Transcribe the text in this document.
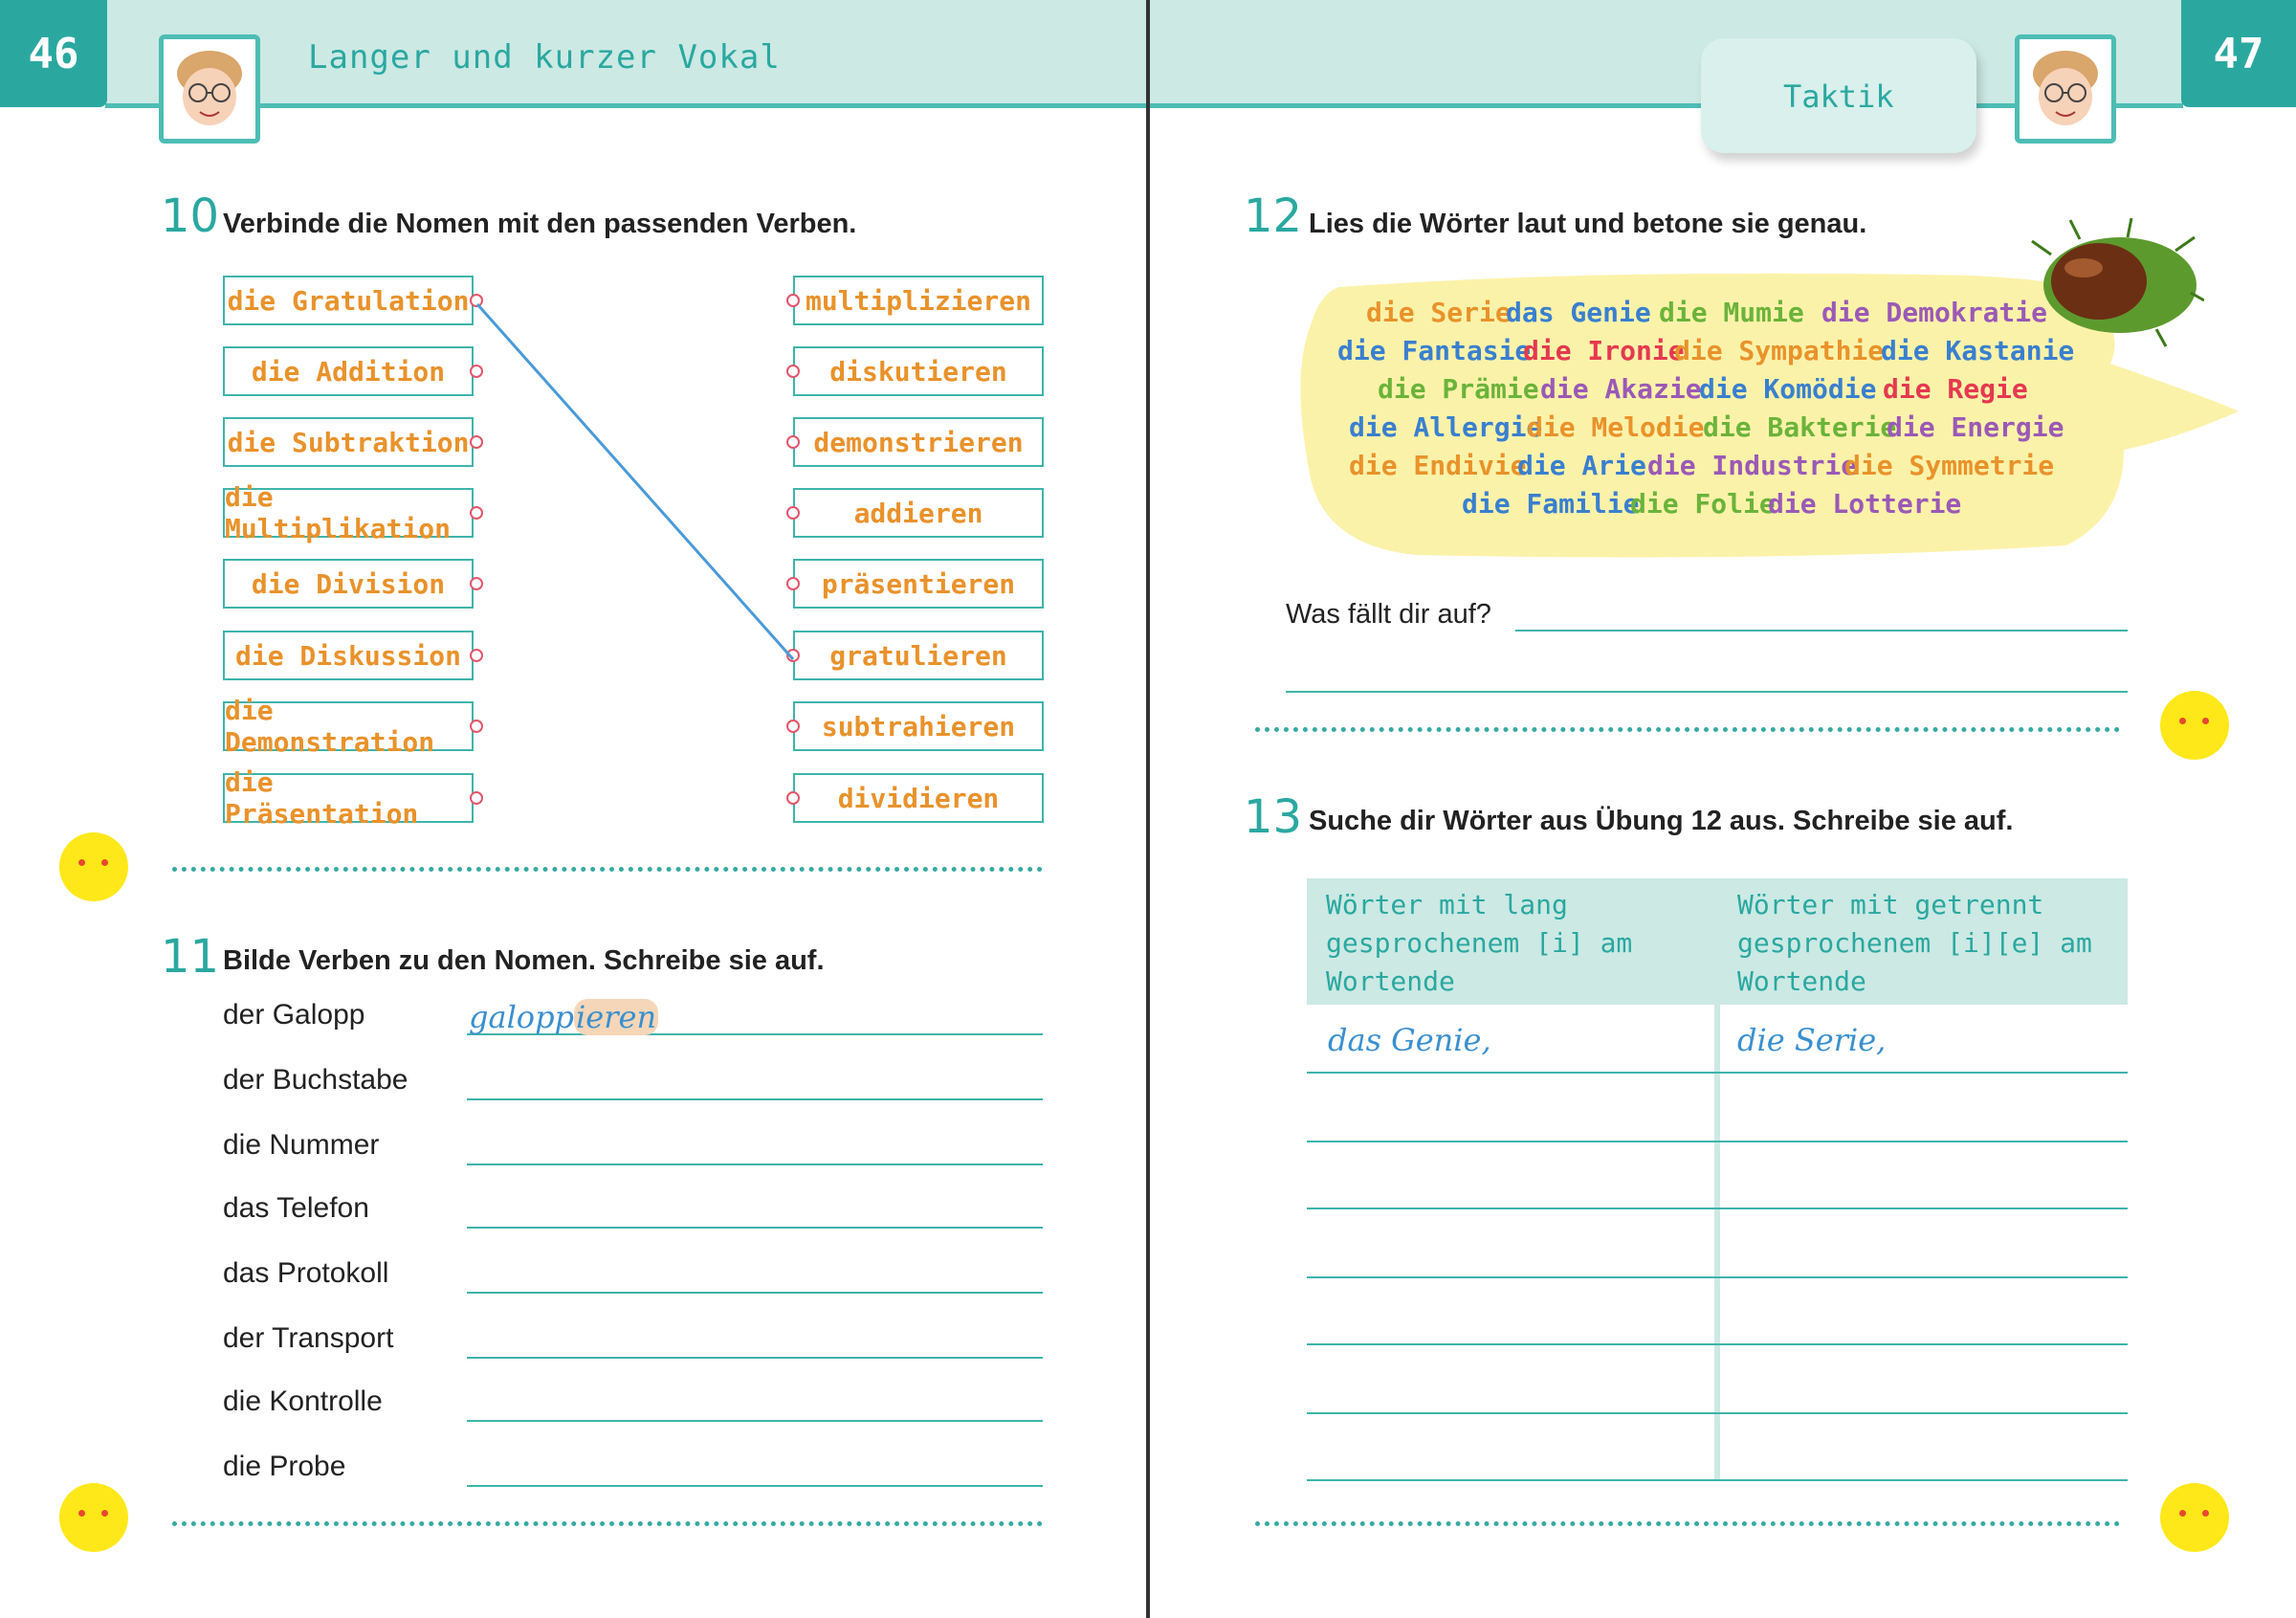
46	47
Langer und kurzer Vokal
Taktik
10 Verbinde die Nomen mit den passenden Verben.
die Gratulation
die Addition
die Subtraktion
die Multiplikation
die Division
die Diskussion
die Demonstration
die Präsentation
multiplizieren
diskutieren
demonstrieren
addieren
präsentieren
gratulieren
subtrahieren
dividieren
11 Bilde Verben zu den Nomen. Schreibe sie auf.
der Galopp
der Buchstabe
die Nummer
das Telefon
das Protokoll
der Transport
die Kontrolle
die Probe
galoppieren
12 Lies die Wörter laut und betone sie genau.
die Serie
das Genie die Mumie die Demokratie
die Fantasie
die Ironie
die Sympathie
die Kastanie
die Prämie die Akazie
die Komödie die Regie
die Allergie
die Melodie
die Bakterie
die Energie
die Endivie
die Arie die Industrie
die Symmetrie
die Familie
die Folie
die Lotterie
Was fällt dir auf?
13 Suche dir Wörter aus Übung 12 aus. Schreibe sie auf.
Wörter mit lang
gesprochenem [i] am
Wortende
Wörter mit getrennt
gesprochenem [i][e] am
Wortende
das Genie,	die Serie,
